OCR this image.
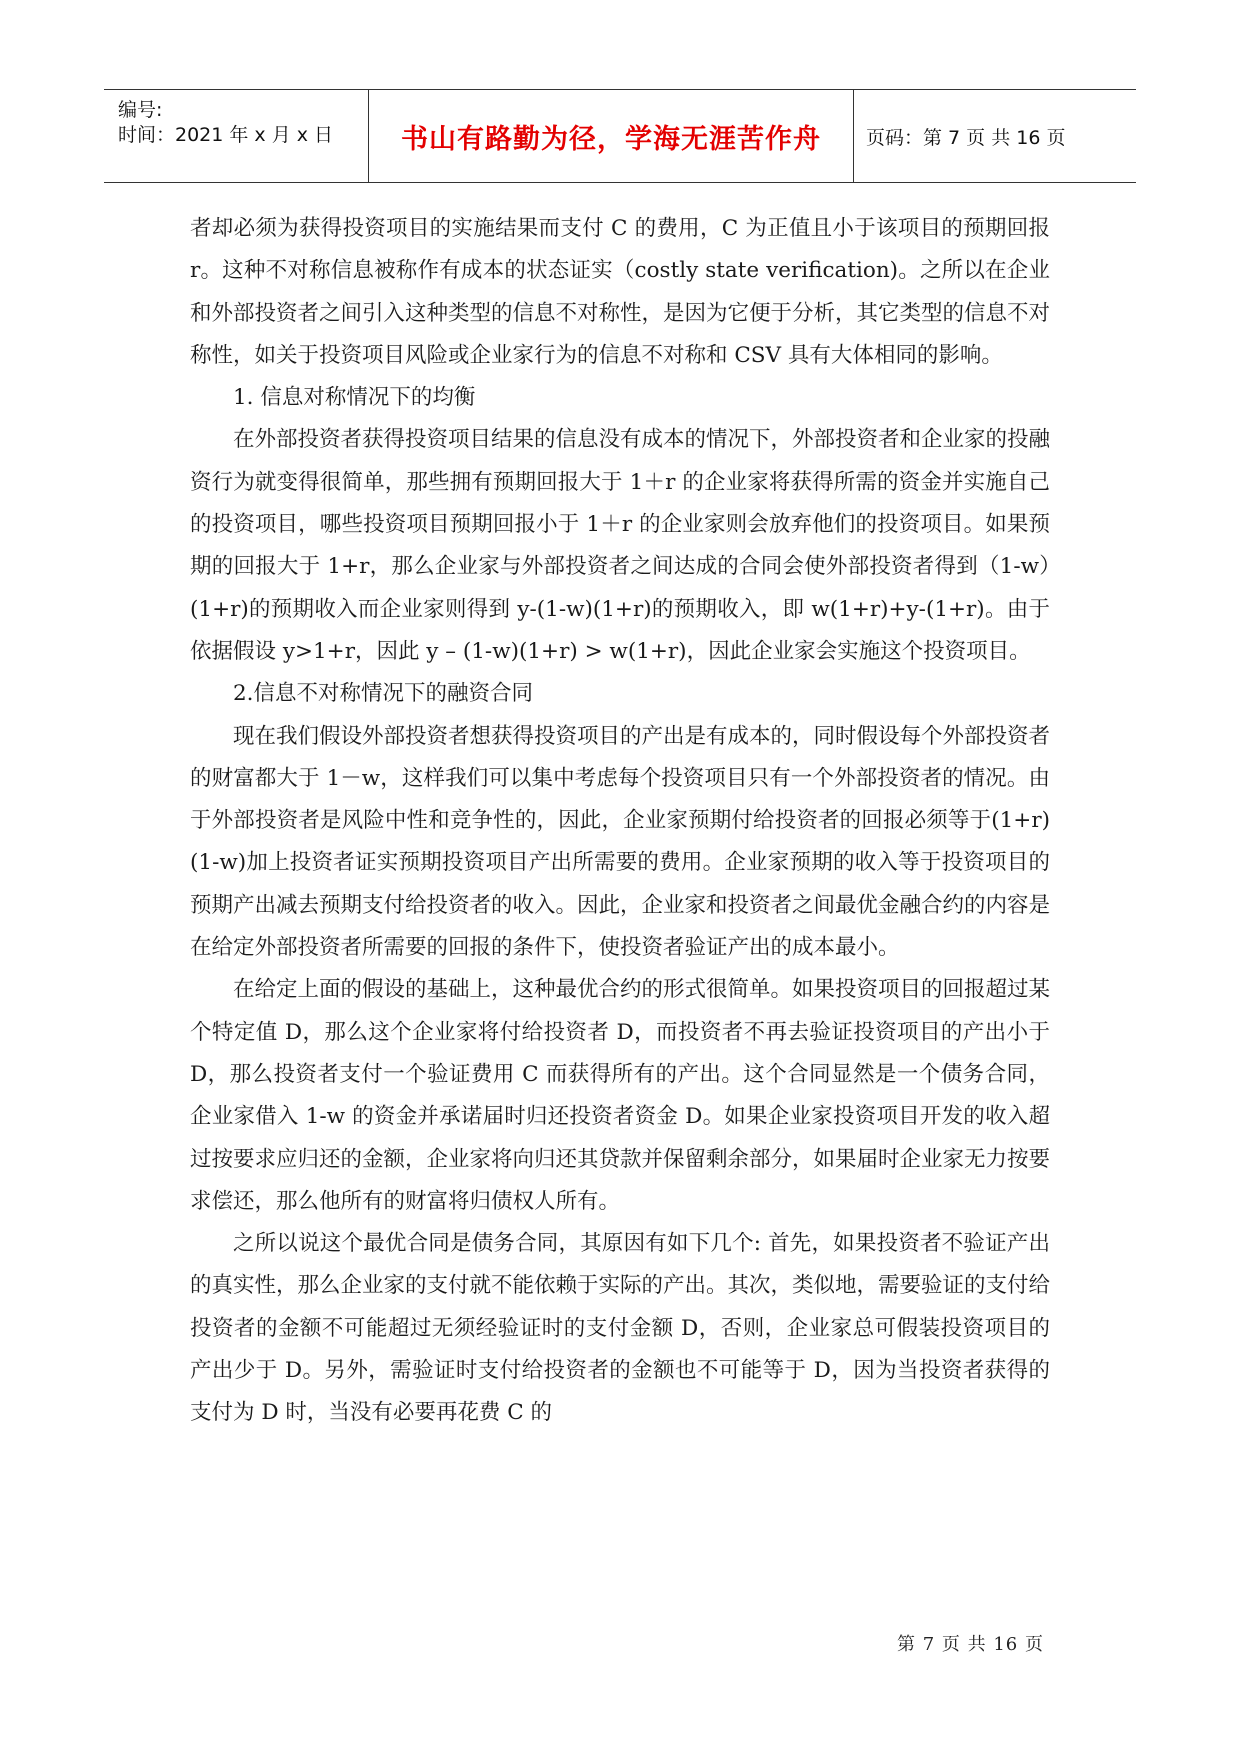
编号:
时间：2021 年 x 月 x 日	书山有路勤为径，学海无涯苦作舟	页码：第 7 页 共 16 页

者却必须为获得投资项目的实施结果而支付 C 的费用，C 为正值且小于该项目的预期回报 r。这种不对称信息被称作有成本的状态证实（costly state verification)。之所以在企业和外部投资者之间引入这种类型的信息不对称性，是因为它便于分析，其它类型的信息不对称性，如关于投资项目风险或企业家行为的信息不对称和 CSV 具有大体相同的影响。

1. 信息对称情况下的均衡

在外部投资者获得投资项目结果的信息没有成本的情况下，外部投资者和企业家的投融资行为就变得很简单，那些拥有预期回报大于 1＋r 的企业家将获得所需的资金并实施自己的投资项目，哪些投资项目预期回报小于 1＋r 的企业家则会放弃他们的投资项目。如果预期的回报大于 1+r，那么企业家与外部投资者之间达成的合同会使外部投资者得到（1-w）(1+r)的预期收入而企业家则得到 y-(1-w)(1+r)的预期收入，即 w(1+r)+y-(1+r)。由于依据假设 y>1+r，因此 y – (1-w)(1+r) > w(1+r)，因此企业家会实施这个投资项目。

2.信息不对称情况下的融资合同

现在我们假设外部投资者想获得投资项目的产出是有成本的，同时假设每个外部投资者的财富都大于 1－w，这样我们可以集中考虑每个投资项目只有一个外部投资者的情况。由于外部投资者是风险中性和竞争性的，因此，企业家预期付给投资者的回报必须等于(1+r)(1-w)加上投资者证实预期投资项目产出所需要的费用。企业家预期的收入等于投资项目的预期产出减去预期支付给投资者的收入。因此，企业家和投资者之间最优金融合约的内容是在给定外部投资者所需要的回报的条件下，使投资者验证产出的成本最小。

在给定上面的假设的基础上，这种最优合约的形式很简单。如果投资项目的回报超过某个特定值 D，那么这个企业家将付给投资者 D，而投资者不再去验证投资项目的产出小于 D，那么投资者支付一个验证费用 C 而获得所有的产出。这个合同显然是一个债务合同，企业家借入 1-w 的资金并承诺届时归还投资者资金 D。如果企业家投资项目开发的收入超过按要求应归还的金额，企业家将向归还其贷款并保留剩余部分，如果届时企业家无力按要求偿还，那么他所有的财富将归债权人所有。

之所以说这个最优合同是债务合同，其原因有如下几个: 首先，如果投资者不验证产出的真实性，那么企业家的支付就不能依赖于实际的产出。其次，类似地，需要验证的支付给投资者的金额不可能超过无须经验证时的支付金额 D，否则，企业家总可假装投资项目的产出少于 D。另外，需验证时支付给投资者的金额也不可能等于 D，因为当投资者获得的支付为 D 时，当没有必要再花费 C 的

第 7 页 共 16 页
